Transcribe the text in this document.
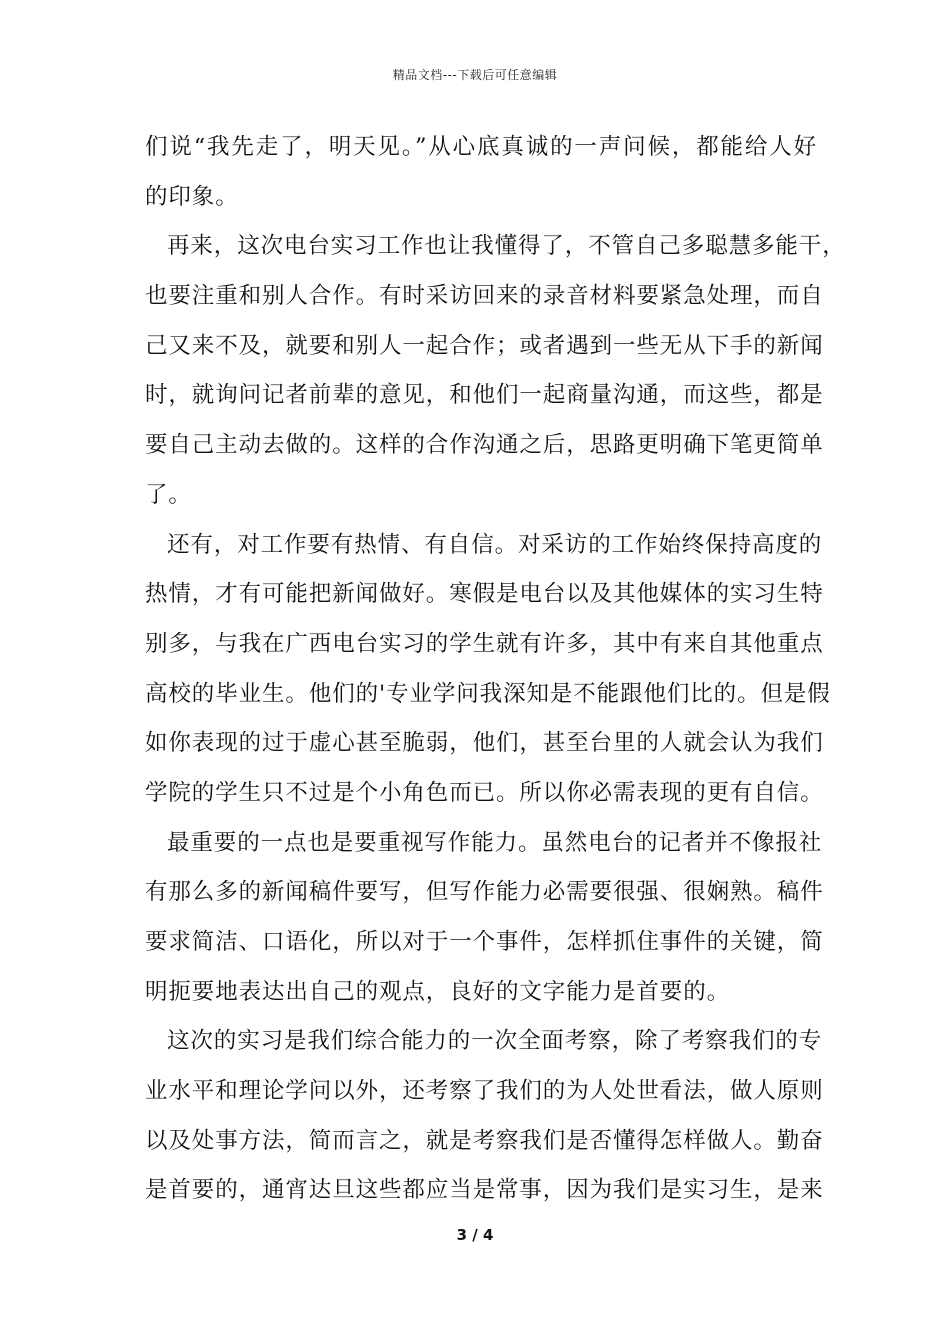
精品文档---下载后可任意编辑
们说“我先走了，明天见。”从心底真诚的一声问候，都能给人好
的印象。
再来，这次电台实习工作也让我懂得了，不管自己多聪慧多能干，
也要注重和别人合作。有时采访回来的录音材料要紧急处理，而自
己又来不及，就要和别人一起合作；或者遇到一些无从下手的新闻
时，就询问记者前辈的意见，和他们一起商量沟通，而这些，都是
要自己主动去做的。这样的合作沟通之后，思路更明确下笔更简单
了。
还有，对工作要有热情、有自信。对采访的工作始终保持高度的
热情，才有可能把新闻做好。寒假是电台以及其他媒体的实习生特
别多，与我在广西电台实习的学生就有许多，其中有来自其他重点
高校的毕业生。他们的'专业学问我深知是不能跟他们比的。但是假
如你表现的过于虚心甚至脆弱，他们，甚至台里的人就会认为我们
学院的学生只不过是个小角色而已。所以你必需表现的更有自信。
最重要的一点也是要重视写作能力。虽然电台的记者并不像报社
有那么多的新闻稿件要写，但写作能力必需要很强、很娴熟。稿件
要求简洁、口语化，所以对于一个事件，怎样抓住事件的关键，简
明扼要地表达出自己的观点，良好的文字能力是首要的。
这次的实习是我们综合能力的一次全面考察，除了考察我们的专
业水平和理论学问以外，还考察了我们的为人处世看法，做人原则
以及处事方法，简而言之，就是考察我们是否懂得怎样做人。勤奋
是首要的，通宵达旦这些都应当是常事，因为我们是实习生，是来
3 / 4
